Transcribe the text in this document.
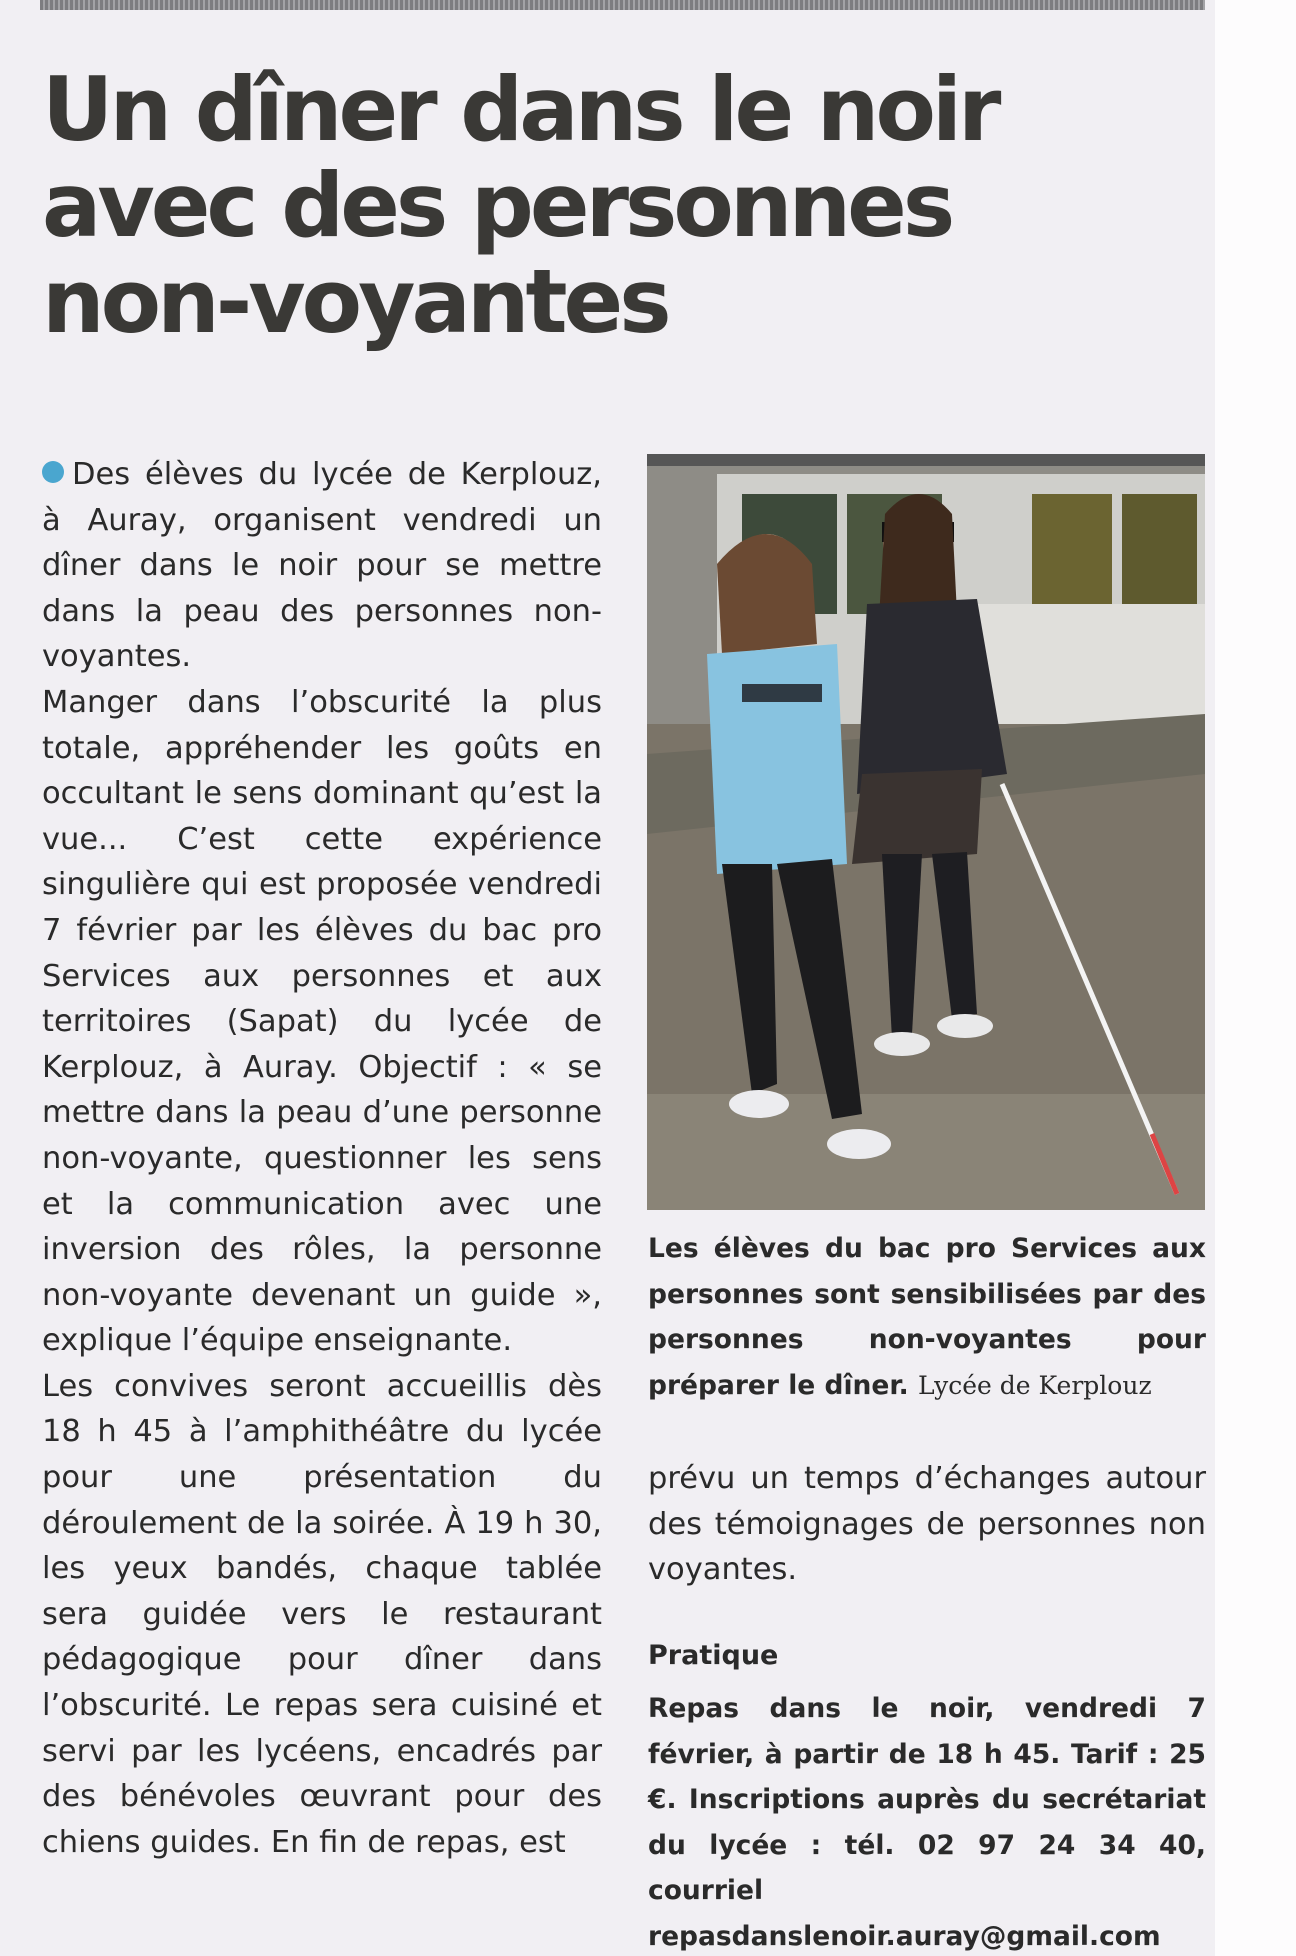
Un dîner dans le noir avec des personnes non-voyantes

Des élèves du lycée de Kerplouz, à Auray, organisent vendredi un dîner dans le noir pour se mettre dans la peau des personnes non-voyantes.

Manger dans l’obscurité la plus totale, appréhender les goûts en occultant le sens dominant qu’est la vue... C’est cette expérience singulière qui est proposée vendredi 7 février par les élèves du bac pro Services aux personnes et aux territoires (Sapat) du lycée de Kerplouz, à Auray. Objectif : « se mettre dans la peau d’une personne non-voyante, questionner les sens et la communication avec une inversion des rôles, la personne non-voyante devenant un guide », explique l’équipe enseignante.

Les convives seront accueillis dès 18 h 45 à l’amphithéâtre du lycée pour une présentation du déroulement de la soirée. À 19 h 30, les yeux bandés, chaque tablée sera guidée vers le restaurant pédagogique pour dîner dans l’obscurité. Le repas sera cuisiné et servi par les lycéens, encadrés par des bénévoles œuvrant pour des chiens guides. En fin de repas, est

Les élèves du bac pro Services aux personnes sont sensibilisées par des personnes non-voyantes pour préparer le dîner. Lycée de Kerplouz

prévu un temps d’échanges autour des témoignages de personnes non voyantes.

Pratique
Repas dans le noir, vendredi 7 février, à partir de 18 h 45. Tarif : 25 €. Inscriptions auprès du secrétariat du lycée : tél. 02 97 24 34 40, courriel repasdanslenoir.auray@gmail.com
